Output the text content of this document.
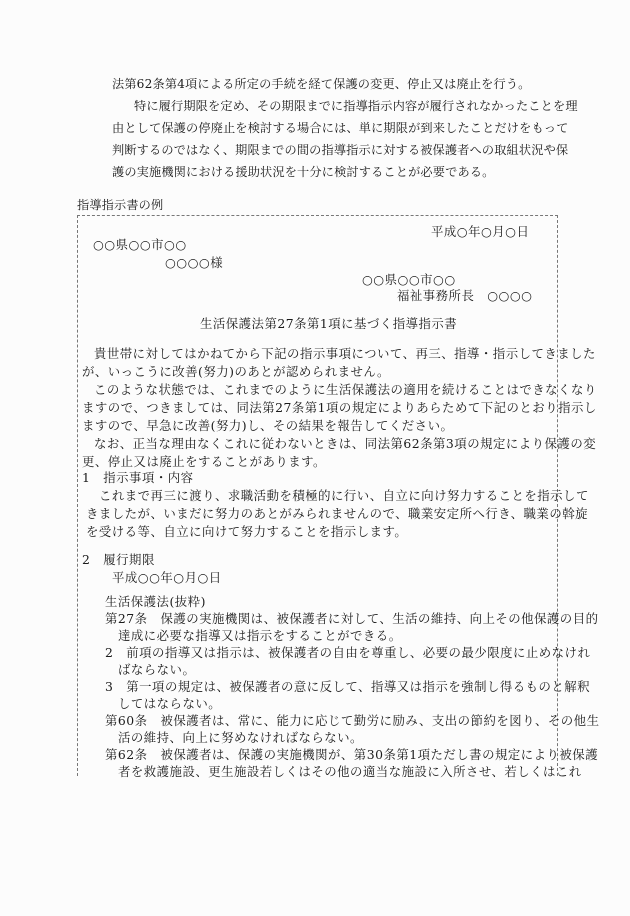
法第62条第4項による所定の手続を経て保護の変更、停止又は廃止を行う。
特に履行期限を定め、その期限までに指導指示内容が履行されなかったことを理
由として保護の停廃止を検討する場合には、単に期限が到来したことだけをもって
判断するのではなく、期限までの間の指導指示に対する被保護者への取組状況や保
護の実施機関における援助状況を十分に検討することが必要である。
指導指示書の例
平成○年○月○日
○○県○○市○○
○○○○様
○○県○○市○○
福祉事務所長　○○○○
生活保護法第27条第1項に基づく指導指示書
貴世帯に対してはかねてから下記の指示事項について、再三、指導・指示してきました
が、いっこうに改善(努力)のあとが認められません。
このような状態では、これまでのように生活保護法の適用を続けることはできなくなり
ますので、つきましては、同法第27条第1項の規定によりあらためて下記のとおり指示し
ますので、早急に改善(努力)し、その結果を報告してください。
なお、正当な理由なくこれに従わないときは、同法第62条第3項の規定により保護の変
更、停止又は廃止をすることがあります。
1　指示事項・内容
これまで再三に渡り、求職活動を積極的に行い、自立に向け努力することを指示して
きましたが、いまだに努力のあとがみられませんので、職業安定所へ行き、職業の斡旋
を受ける等、自立に向けて努力することを指示します。
2　履行期限
平成○○年○月○日
生活保護法(抜粋)
第27条　保護の実施機関は、被保護者に対して、生活の維持、向上その他保護の目的
達成に必要な指導又は指示をすることができる。
2　前項の指導又は指示は、被保護者の自由を尊重し、必要の最少限度に止めなけれ
ばならない。
3　第一項の規定は、被保護者の意に反して、指導又は指示を強制し得るものと解釈
してはならない。
第60条　被保護者は、常に、能力に応じて勤労に励み、支出の節約を図り、その他生
活の維持、向上に努めなければならない。
第62条　被保護者は、保護の実施機関が、第30条第1項ただし書の規定により被保護
者を救護施設、更生施設若しくはその他の適当な施設に入所させ、若しくはこれ
